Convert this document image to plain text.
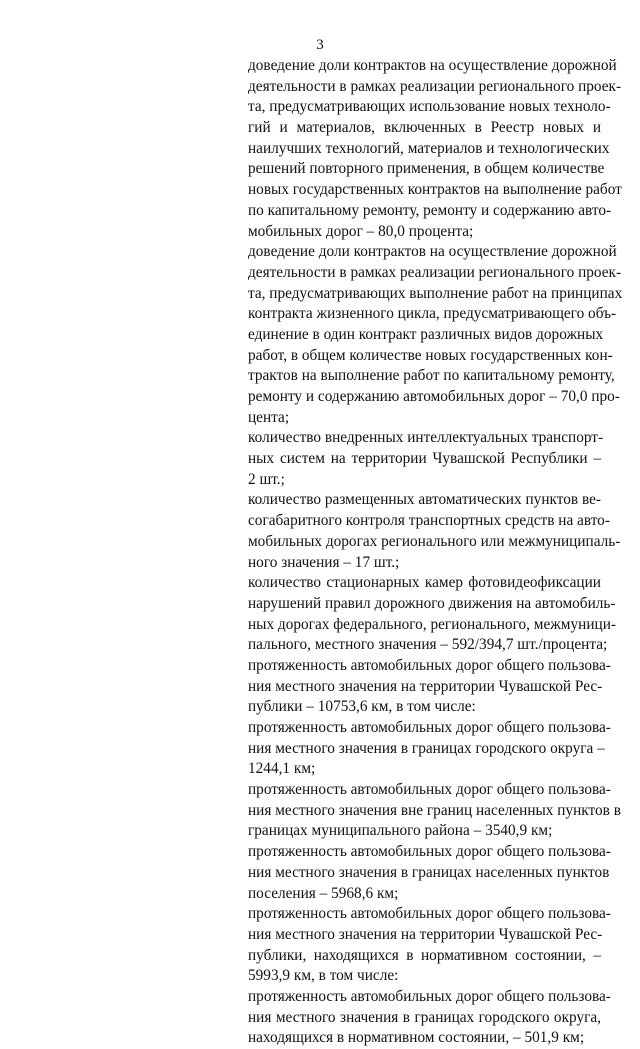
3
доведение доли контрактов на осуществление дорожной
деятельности в рамках реализации регионального проек-
та, предусматривающих использование новых техноло-
гий и материалов, включенных в Реестр новых и
наилучших технологий, материалов и технологических
решений повторного применения, в общем количестве
новых государственных контрактов на выполнение работ
по капитальному ремонту, ремонту и содержанию авто-
мобильных дорог – 80,0 процента;
доведение доли контрактов на осуществление дорожной
деятельности в рамках реализации регионального проек-
та, предусматривающих выполнение работ на принципах
контракта жизненного цикла, предусматривающего объ-
единение в один контракт различных видов дорожных
работ, в общем количестве новых государственных кон-
трактов на выполнение работ по капитальному ремонту,
ремонту и содержанию автомобильных дорог – 70,0 про-
цента;
количество внедренных интеллектуальных транспорт-
ных систем на территории Чувашской Республики –
2 шт.;
количество размещенных автоматических пунктов ве-
согабаритного контроля транспортных средств на авто-
мобильных дорогах регионального или межмуниципаль-
ного значения – 17 шт.;
количество стационарных камер фотовидеофиксации
нарушений правил дорожного движения на автомобиль-
ных дорогах федерального, регионального, межмуници-
пального, местного значения – 592/394,7 шт./процента;
протяженность автомобильных дорог общего пользова-
ния местного значения на территории Чувашской Рес-
публики – 10753,6 км, в том числе:
протяженность автомобильных дорог общего пользова-
ния местного значения в границах городского округа –
1244,1 км;
протяженность автомобильных дорог общего пользова-
ния местного значения вне границ населенных пунктов в
границах муниципального района – 3540,9 км;
протяженность автомобильных дорог общего пользова-
ния местного значения в границах населенных пунктов
поселения – 5968,6 км;
протяженность автомобильных дорог общего пользова-
ния местного значения на территории Чувашской Рес-
публики, находящихся в нормативном состоянии, –
5993,9 км, в том числе:
протяженность автомобильных дорог общего пользова-
ния местного значения в границах городского округа,
находящихся в нормативном состоянии, – 501,9 км;
